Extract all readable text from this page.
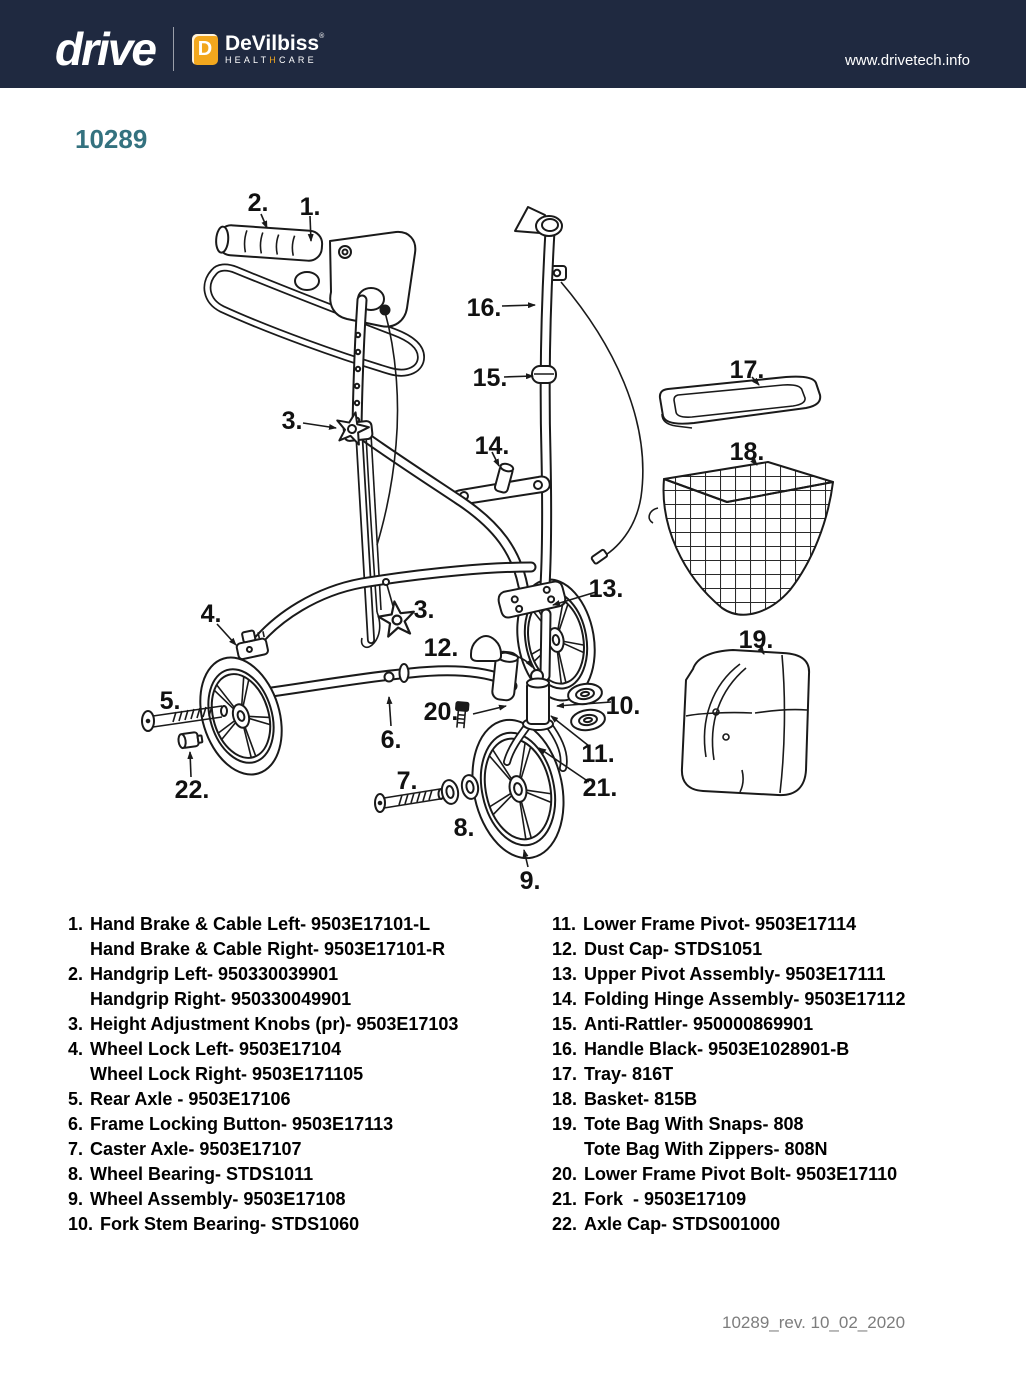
drive D DeVilbiss®
HEALTHCARE	www.drivetech.info
10289
1.
2.
3.
3.
4.
5.
6.
7.
8.
9.
10.
11.
12.
13.
14.
15.
16.
17.
18.
19.
20.
21.
22.
1. Hand Brake & Cable Left- 9503E17101-L
Hand Brake & Cable Right- 9503E17101-R
2. Handgrip Left- 950330039901
Handgrip Right- 950330049901
3. Height Adjustment Knobs (pr)- 9503E17103
4. Wheel Lock Left- 9503E17104
Wheel Lock Right- 9503E171105
5. Rear Axle - 9503E17106
6. Frame Locking Button- 9503E17113
7. Caster Axle- 9503E17107
8. Wheel Bearing- STDS1011
9. Wheel Assembly- 9503E17108
10. Fork Stem Bearing- STDS1060
11. Lower Frame Pivot- 9503E17114
12. Dust Cap- STDS1051
13. Upper Pivot Assembly- 9503E17111
14. Folding Hinge Assembly- 9503E17112
15. Anti-Rattler- 950000869901
16. Handle Black- 9503E1028901-B
17. Tray- 816T
18. Basket- 815B
19. Tote Bag With Snaps- 808
Tote Bag With Zippers- 808N
20. Lower Frame Pivot Bolt- 9503E17110
21. Fork  - 9503E17109
22. Axle Cap- STDS001000
10289_rev. 10_02_2020
